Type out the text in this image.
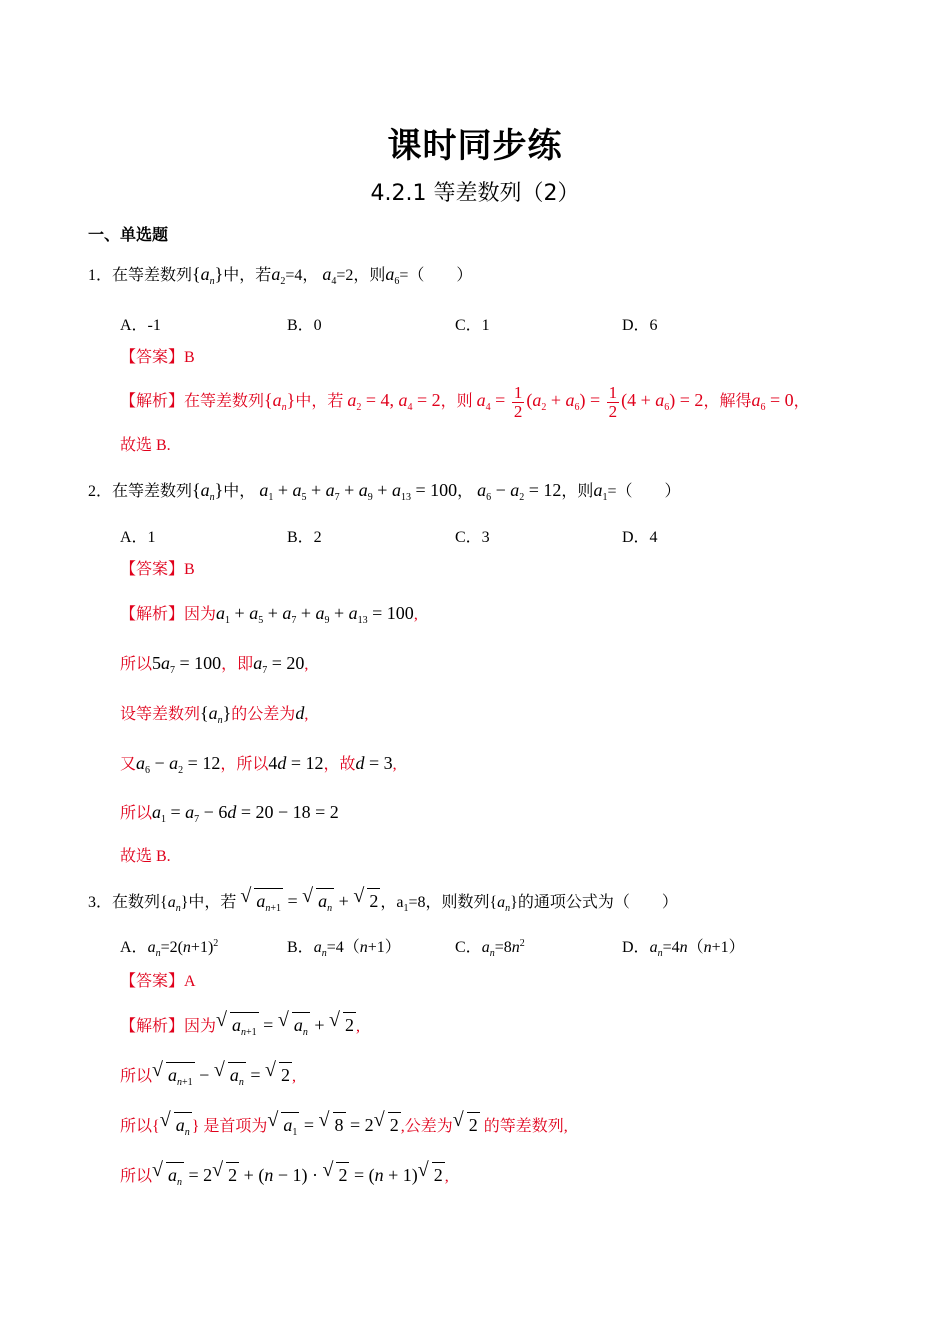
课时同步练
4.2.1 等差数列（2）
一、单选题
1．在等差数列$\{a_n\}$中，若$a_2=4$， $a_4=2$，则$a_6=$（　　）
A．-1	B．0	C．1	D．6
【答案】B
【解析】在等差数列$\{a_n\}$中，若 $a_2 = 4$, $a_4 = 2$，则 $a_4 = \frac{1}{2} (a_2 + a_6) = \frac{1}{2} (4 + a_6) = 2$，解得$a_6 = 0$，
故选 B.
2．在等差数列$\{a_n\}$中， $a_1 + a_5 + a_7 + a_9 + a_{13} = 100$， $a_6 - a_2 = 12$，则$a_1=$（　　）
A．1	B．2	C．3	D．4
【答案】B
【解析】因为$a_1 + a_5 + a_7 + a_9 + a_{13} = 100$,
所以$5a_7 = 100$，即$a_7 = 20$,
设等差数列$\{a_n\}$的公差为d,
又$a_6 - a_2 = 12$，所以4d = 12，故d = 3,
所以$a_1 = a_7 - 6d = 20 - 18 = 2$
故选 B.
3．在数列$\{a_n\}$中，若 √ $a_{n+1}$ = √ $a_n$ + √ 2 ，$a_1=8$，则数列$\{a_n\}$的通项公式为（　　）
A．$a_n=2(n+1)^2$	B．$a_n=4(n+1)$	C．$a_n=8n^2$	D．$a_n=4n(n+1)$
【答案】A
【解析】因为√ $a_{n+1}$ = √ $a_n$ + √ 2 ,
所以√ $a_{n+1}$ − √ $a_n$ = √ 2 ,
所以{√ $a_n$ } 是首项为√ $a_1$ = √ 8 = 2√ 2 ,公差为√ 2 的等差数列,
所以√ $a_n = 2√$ 2 + (n − 1) · √ 2 = (n + 1)√ 2 ,
